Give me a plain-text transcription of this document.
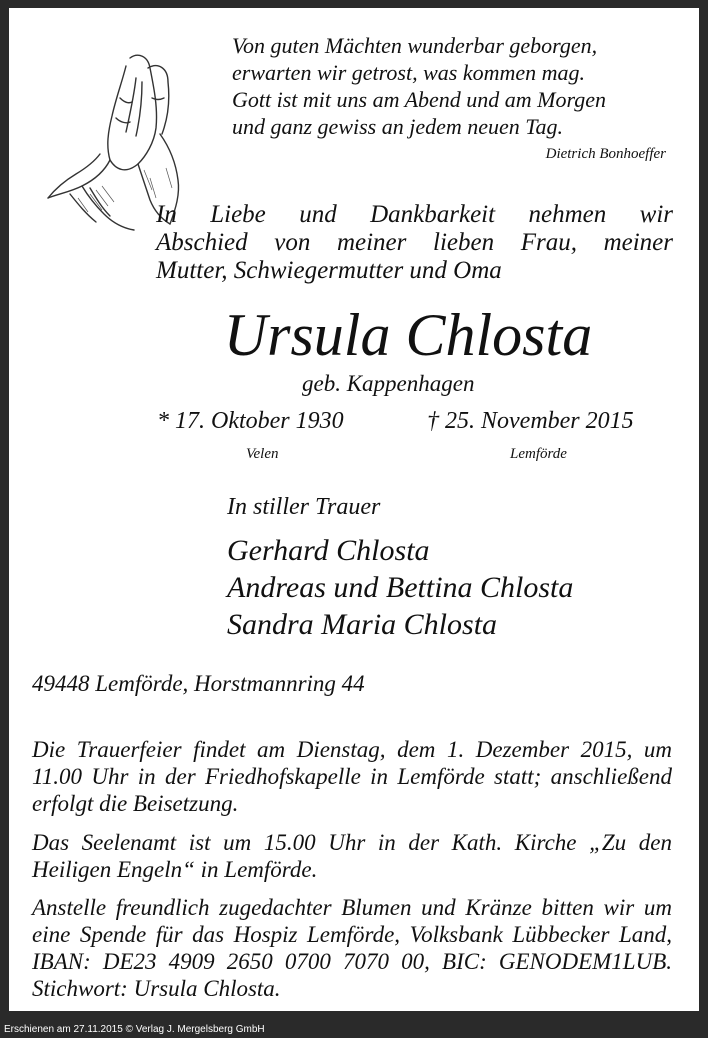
Von guten Mächten wunderbar geborgen,
erwarten wir getrost, was kommen mag.
Gott ist mit uns am Abend und am Morgen
und ganz gewiss an jedem neuen Tag.
Dietrich Bonhoeffer
In Liebe und Dankbarkeit nehmen wir
Abschied von meiner lieben Frau, meiner
Mutter, Schwiegermutter und Oma
Ursula Chlosta
geb. Kappenhagen
* 17. Oktober 1930	† 25. November 2015
Velen	Lemförde
In stiller Trauer
Gerhard Chlosta
Andreas und Bettina Chlosta
Sandra Maria Chlosta
49448 Lemförde, Horstmannring 44
Die Trauerfeier findet am Dienstag, dem 1. Dezember 2015, um 11.00 Uhr in der Friedhofskapelle in Lemförde statt; anschließend erfolgt die Beisetzung.
Das Seelenamt ist um 15.00 Uhr in der Kath. Kirche „Zu den Heiligen Engeln“ in Lemförde.
Anstelle freundlich zugedachter Blumen und Kränze bitten wir um eine Spende für das Hospiz Lemförde, Volksbank Lübbecker Land, IBAN: DE23 4909 2650 0700 7070 00, BIC: GENODEM1LUB. Stichwort: Ursula Chlosta.
Erschienen am 27.11.2015 © Verlag J. Mergelsberg GmbH
